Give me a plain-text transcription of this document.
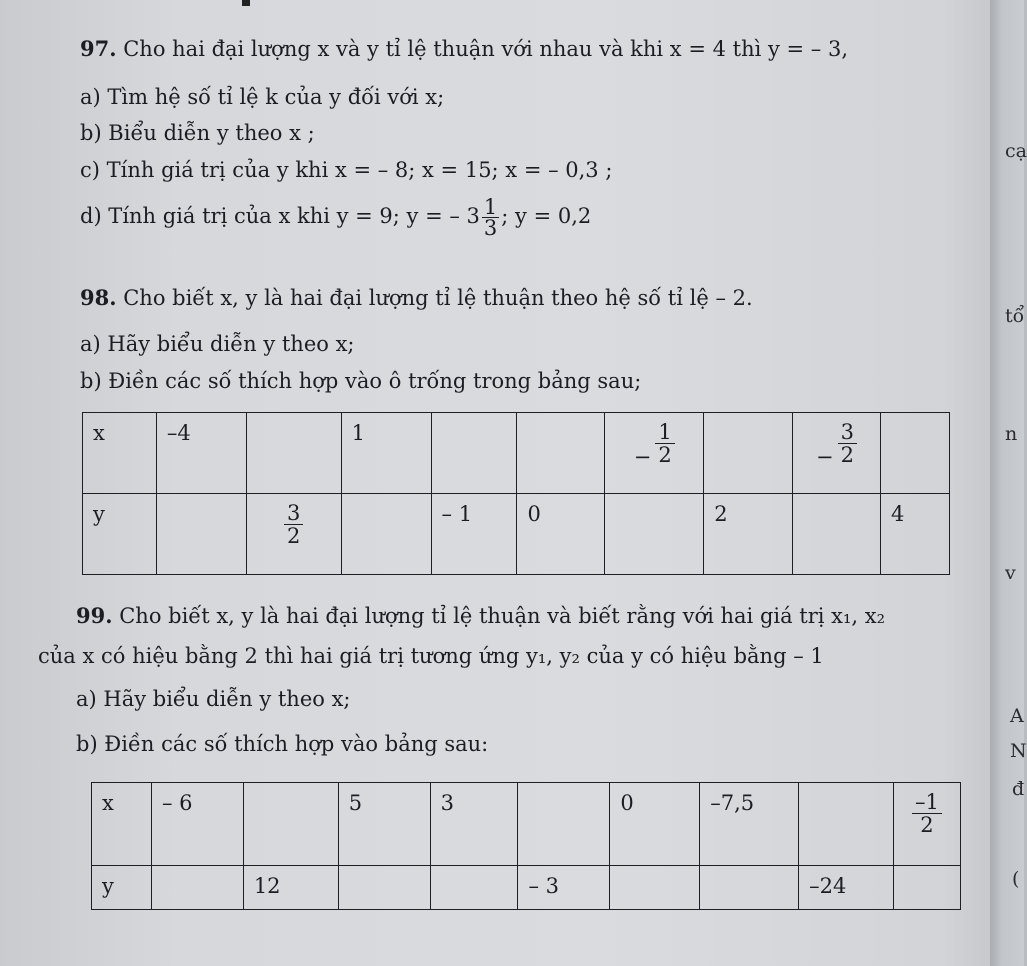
97. Cho hai đại lượng x và y tỉ lệ thuận với nhau và khi x = 4 thì y = – 3,
a) Tìm hệ số tỉ lệ k của y đối với x;
b) Biểu diễn y theo x ;
c) Tính giá trị của y khi x = – 8; x = 15; x = – 0,3 ;
d) Tính giá trị của x khi y = 9; y = – $3 \frac{1}{3}$ ; y = 0,2
98. Cho biết x, y là hai đại lượng tỉ lệ thuận theo hệ số tỉ lệ – 2.
a) Hãy biểu diễn y theo x;
b) Điền các số thích hợp vào ô trống trong bảng sau;
x	–4		1			− $\frac{1}{2}$		− $\frac{3}{2}$

y		$\frac{3}{2}$		– 1	0		2		4
99. Cho biết x, y là hai đại lượng tỉ lệ thuận và biết rằng với hai giá trị x₁, x₂
của x có hiệu bằng 2 thì hai giá trị tương ứng y₁, y₂ của y có hiệu bằng – 1
a) Hãy biểu diễn y theo x;
b) Điền các số thích hợp vào bảng sau:
x	– 6		5	3		0	–7,5		$\frac{-1}{2}$

y		12			– 3			–24	
cạ
tổ
n
v
A
N
đ
(
